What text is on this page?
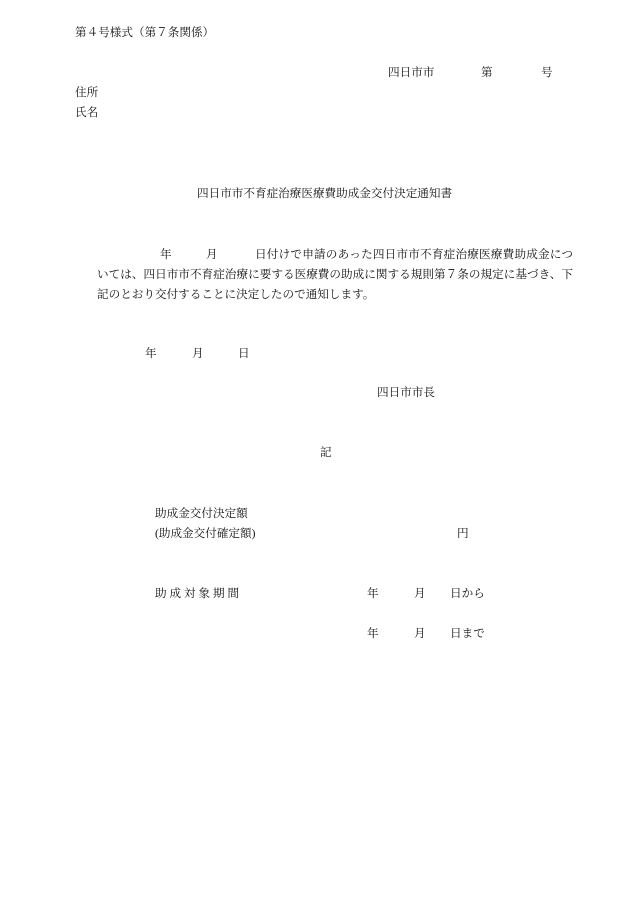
第４号様式（第７条関係）
四日市市	第	号
住所
氏名
四日市市不育症治療医療費助成金交付決定通知書
年	月	日付けで申請のあった四日市市不育症治療医療費助成金につ
いては、四日市市不育症治療に要する医療費の助成に関する規則第７条の規定に基づき、下
記のとおり交付することに決定したので通知します。
年	月	日
四日市市長
記
助成金交付決定額
(助成金交付確定額)	円
助 成 対 象 期 間	年	月 日から
年	月 日まで
